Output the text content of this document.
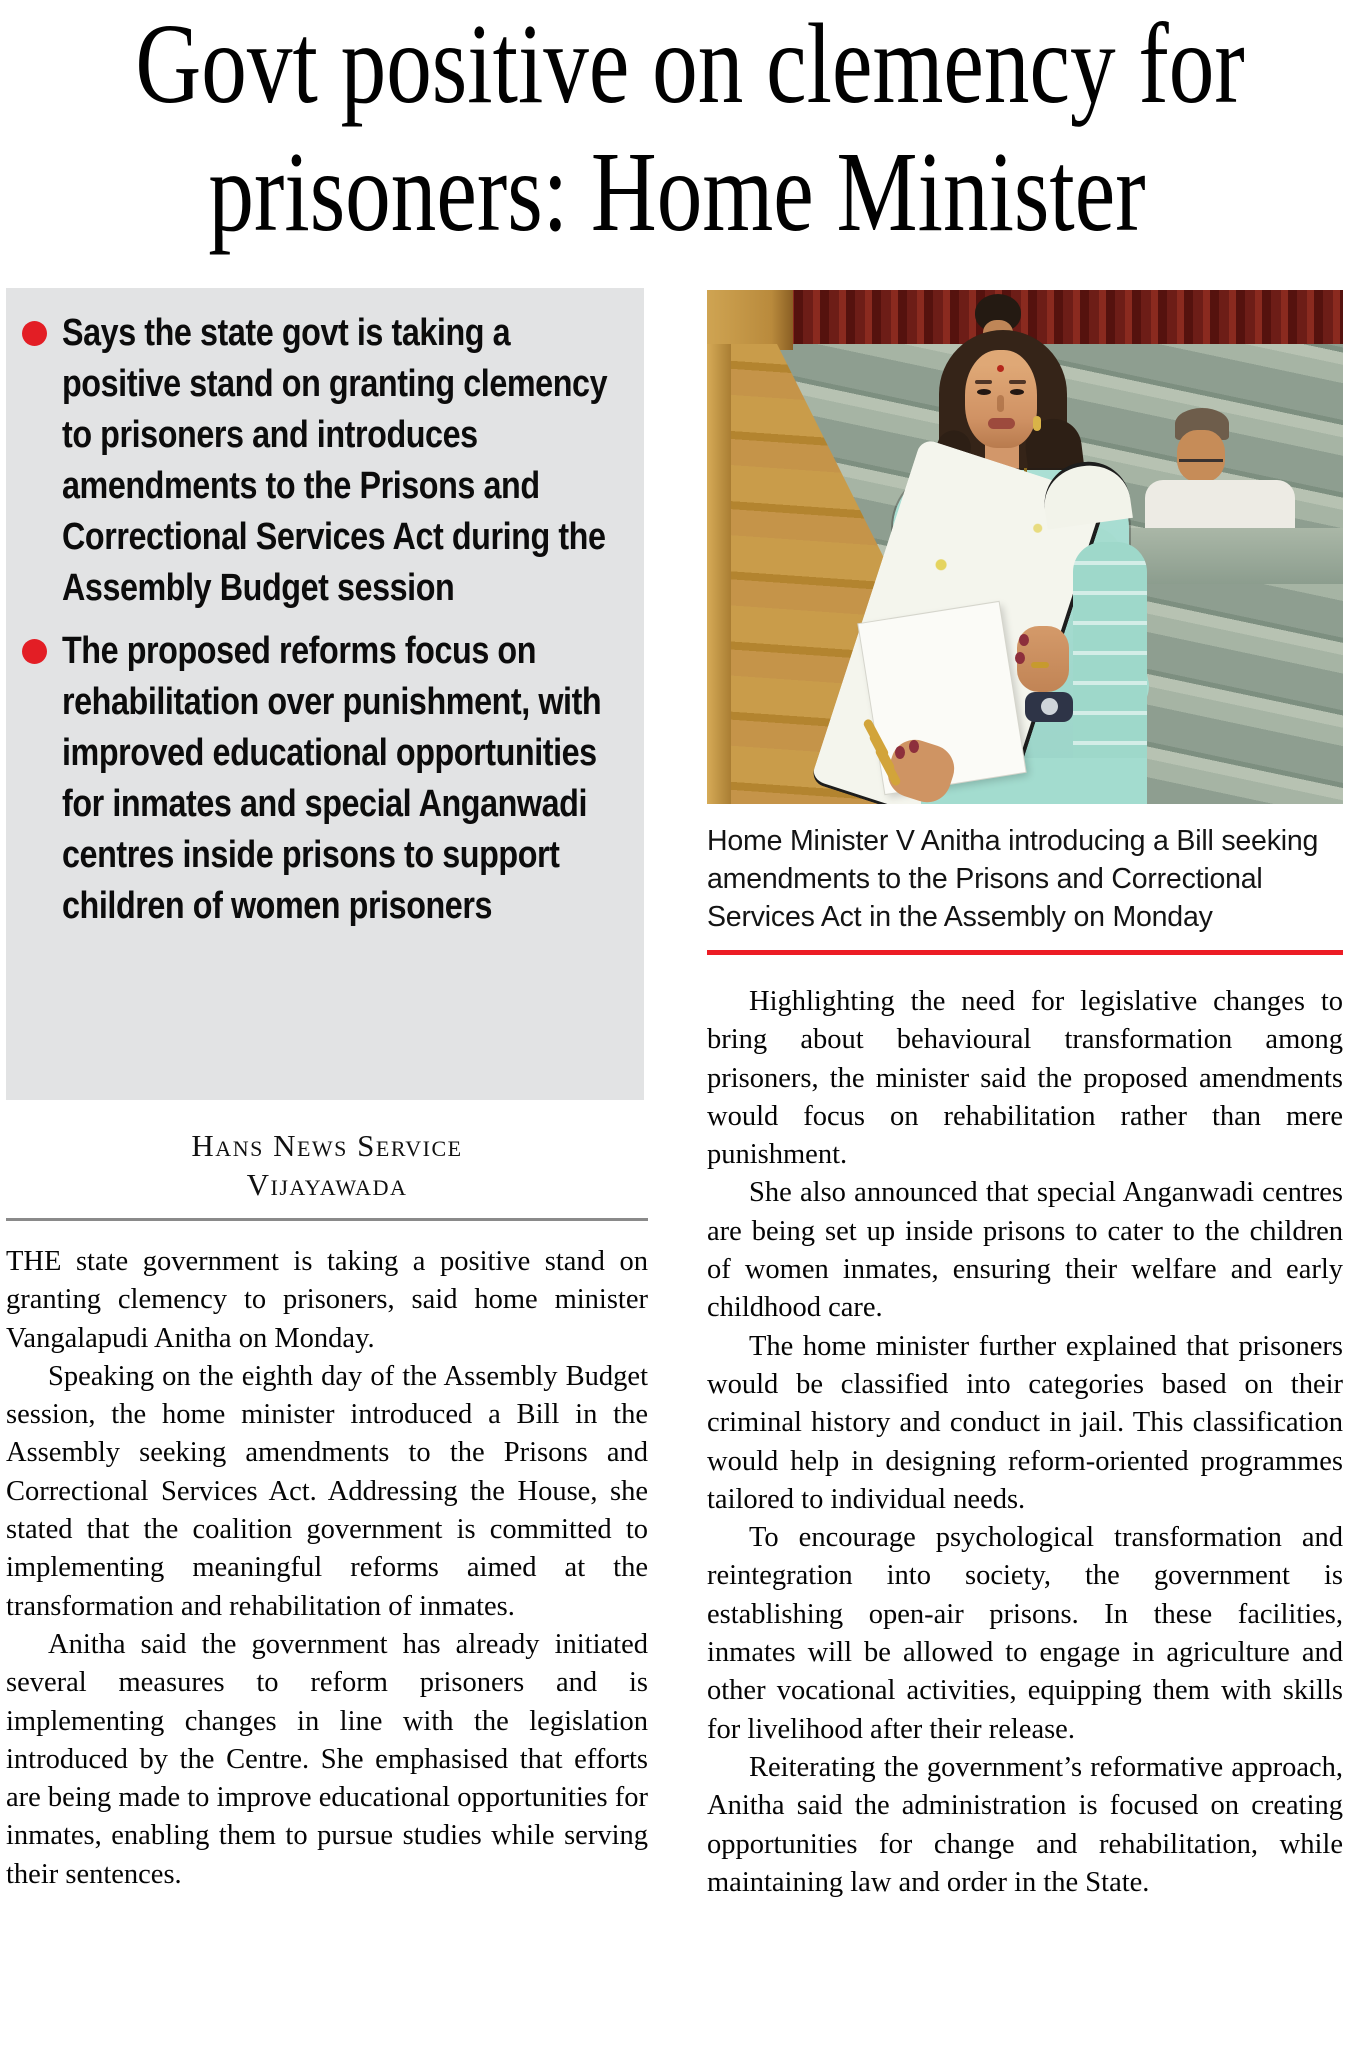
Govt positive on clemency for
prisoners: Home Minister
Says the state govt is taking a positive stand on granting clemency to prisoners and introduces amendments to the Prisons and Correctional Services Act during the Assembly Budget session
The proposed reforms focus on rehabilitation over punishment, with improved educational opportunities for inmates and special Anganwadi centres inside prisons to support children of women prisoners
Hans News Service
Vijayawada

THE state government is taking a positive stand on granting clemency to prisoners, said home minister Vangalapudi Anitha on Monday.

Speaking on the eighth day of the Assembly Budget session, the home minister introduced a Bill in the Assembly seeking amendments to the Prisons and Correctional Services Act. Addressing the House, she stated that the coalition government is committed to implementing meaningful reforms aimed at the transformation and rehabilitation of inmates.

Anitha said the government has already initiated several measures to reform prisoners and is implementing changes in line with the legislation introduced by the Centre. She emphasised that efforts are being made to improve educational opportunities for inmates, enabling them to pursue studies while serving their sentences.

Home Minister V Anitha introducing a Bill seeking amendments to the Prisons and Correctional Services Act in the Assembly on Monday

Highlighting the need for legislative changes to bring about behavioural transformation among prisoners, the minister said the proposed amendments would focus on rehabilitation rather than mere punishment.

She also announced that special Anganwadi centres are being set up inside prisons to cater to the children of women inmates, ensuring their welfare and early childhood care.

The home minister further explained that prisoners would be classified into categories based on their criminal history and conduct in jail. This classification would help in designing reform-oriented programmes tailored to individual needs.

To encourage psychological transformation and reintegration into society, the government is establishing open-air prisons. In these facilities, inmates will be allowed to engage in agriculture and other vocational activities, equipping them with skills for livelihood after their release.

Reiterating the government’s reformative approach, Anitha said the administration is focused on creating opportunities for change and rehabilitation, while maintaining law and order in the State.
